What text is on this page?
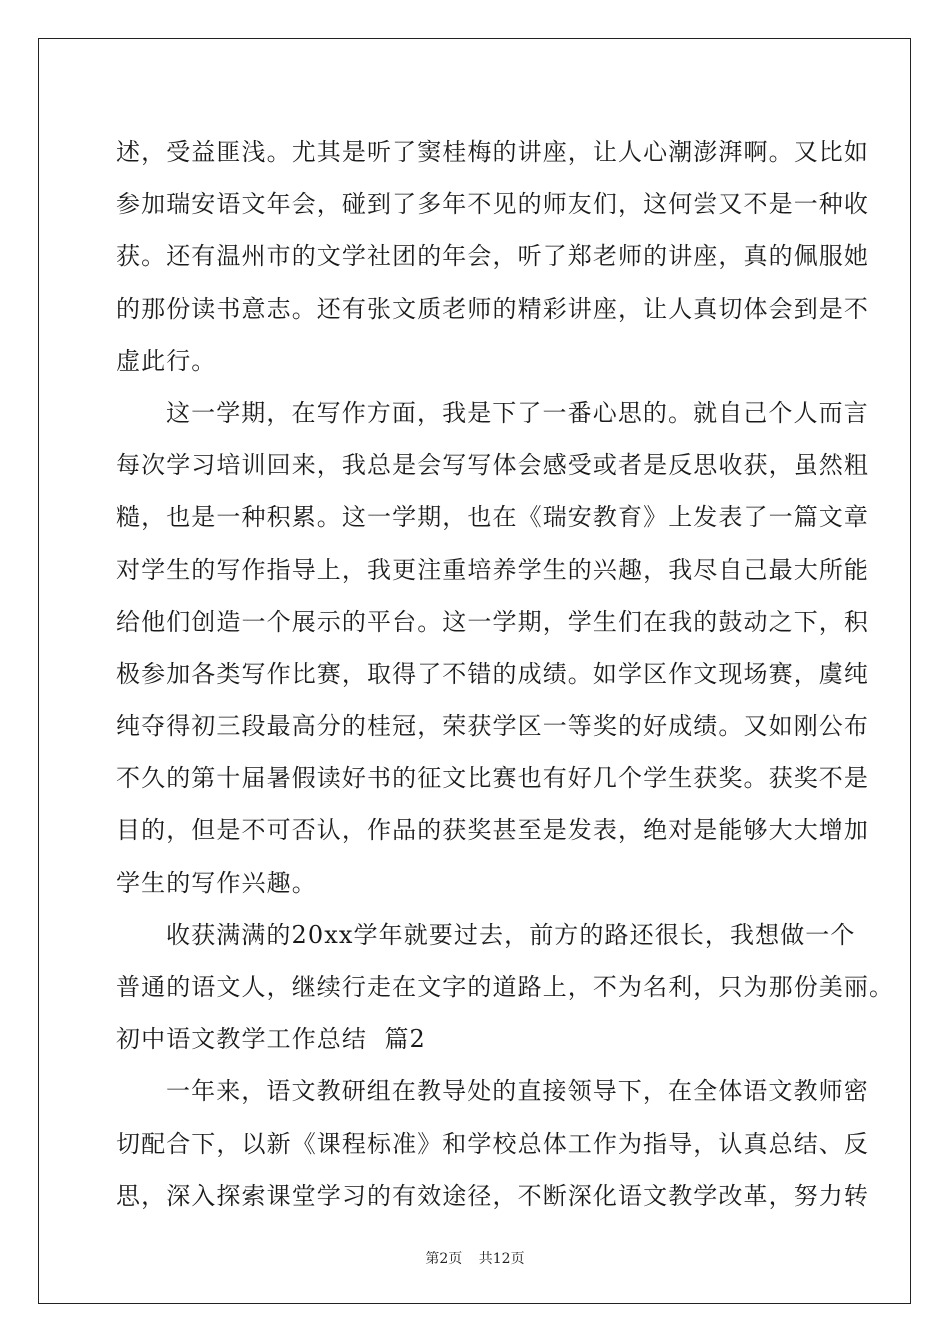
述，受益匪浅。尤其是听了窦桂梅的讲座，让人心潮澎湃啊。又比如
参加瑞安语文年会，碰到了多年不见的师友们，这何尝又不是一种收
获。还有温州市的文学社团的年会，听了郑老师的讲座，真的佩服她
的那份读书意志。还有张文质老师的精彩讲座，让人真切体会到是不
虚此行。
这一学期，在写作方面，我是下了一番心思的。就自己个人而言
每次学习培训回来，我总是会写写体会感受或者是反思收获，虽然粗
糙，也是一种积累。这一学期，也在《瑞安教育》上发表了一篇文章
对学生的写作指导上，我更注重培养学生的兴趣，我尽自己最大所能
给他们创造一个展示的平台。这一学期，学生们在我的鼓动之下，积
极参加各类写作比赛，取得了不错的成绩。如学区作文现场赛，虞纯
纯夺得初三段最高分的桂冠，荣获学区一等奖的好成绩。又如刚公布
不久的第十届暑假读好书的征文比赛也有好几个学生获奖。获奖不是
目的，但是不可否认，作品的获奖甚至是发表，绝对是能够大大增加
学生的写作兴趣。
收获满满的20xx学年就要过去，前方的路还很长，我想做一个
普通的语文人，继续行走在文字的道路上，不为名利，只为那份美丽。
初中语文教学工作总结  篇2
一年来，语文教研组在教导处的直接领导下，在全体语文教师密
切配合下，以新《课程标准》和学校总体工作为指导，认真总结、反
思，深入探索课堂学习的有效途径，不断深化语文教学改革，努力转
第2页 共12页
